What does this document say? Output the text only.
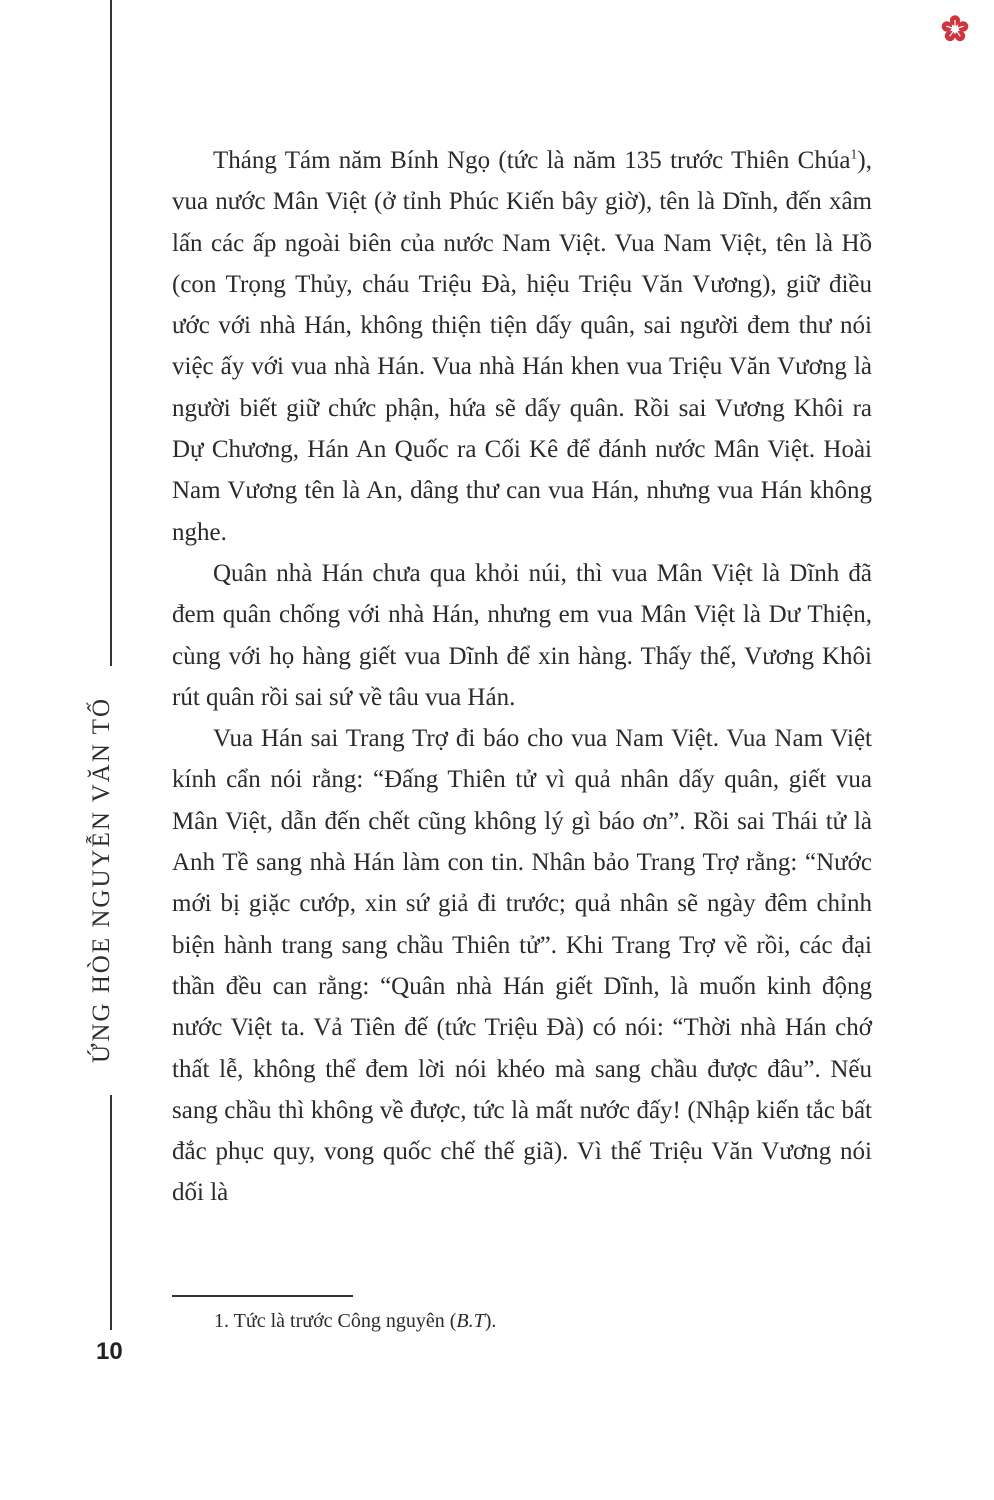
ỨNG HÒE NGUYỄN VĂN TỐ

Tháng Tám năm Bính Ngọ (tức là năm 135 trước Thiên Chúa$^1$), vua nước Mân Việt (ở tỉnh Phúc Kiến bây giờ), tên là Dĩnh, đến xâm lấn các ấp ngoài biên của nước Nam Việt. Vua Nam Việt, tên là Hồ (con Trọng Thủy, cháu Triệu Đà, hiệu Triệu Văn Vương), giữ điều ước với nhà Hán, không thiện tiện dấy quân, sai người đem thư nói việc ấy với vua nhà Hán. Vua nhà Hán khen vua Triệu Văn Vương là người biết giữ chức phận, hứa sẽ dấy quân. Rồi sai Vương Khôi ra Dự Chương, Hán An Quốc ra Cối Kê để đánh nước Mân Việt. Hoài Nam Vương tên là An, dâng thư can vua Hán, nhưng vua Hán không nghe.

Quân nhà Hán chưa qua khỏi núi, thì vua Mân Việt là Dĩnh đã đem quân chống với nhà Hán, nhưng em vua Mân Việt là Dư Thiện, cùng với họ hàng giết vua Dĩnh để xin hàng. Thấy thế, Vương Khôi rút quân rồi sai sứ về tâu vua Hán.

Vua Hán sai Trang Trợ đi báo cho vua Nam Việt. Vua Nam Việt kính cẩn nói rằng: “Đấng Thiên tử vì quả nhân dấy quân, giết vua Mân Việt, dẫn đến chết cũng không lý gì báo ơn”. Rồi sai Thái tử là Anh Tề sang nhà Hán làm con tin. Nhân bảo Trang Trợ rằng: “Nước mới bị giặc cướp, xin sứ giả đi trước; quả nhân sẽ ngày đêm chỉnh biện hành trang sang chầu Thiên tử”. Khi Trang Trợ về rồi, các đại thần đều can rằng: “Quân nhà Hán giết Dĩnh, là muốn kinh động nước Việt ta. Vả Tiên đế (tức Triệu Đà) có nói: “Thời nhà Hán chớ thất lễ, không thể đem lời nói khéo mà sang chầu được đâu”. Nếu sang chầu thì không về được, tức là mất nước đấy! (Nhập kiến tắc bất đắc phục quy, vong quốc chế thế giã). Vì thế Triệu Văn Vương nói dối là

1. Tức là trước Công nguyên (B.T).
10
